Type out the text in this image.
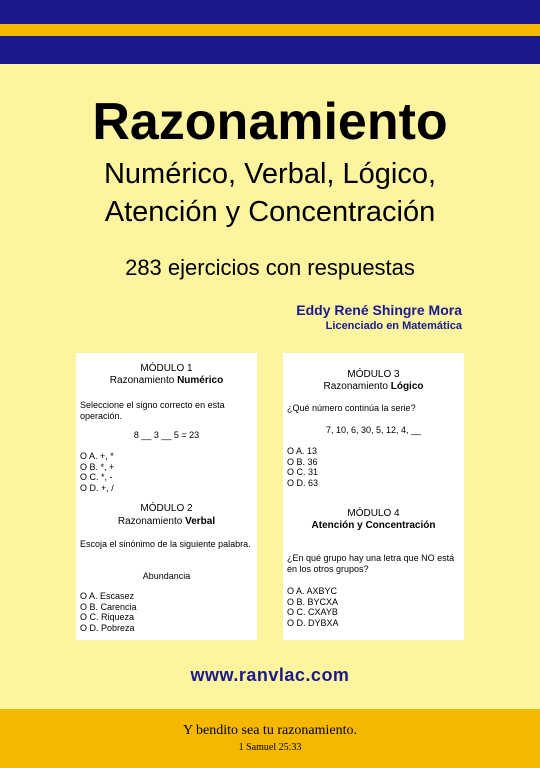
Razonamiento
Numérico, Verbal, Lógico,
Atención y Concentración
283 ejercicios con respuestas
Eddy René Shingre Mora
Licenciado en Matemática
MÓDULO 1
Razonamiento Numérico
Seleccione el signo correcto en esta operación.
8 __ 3 __ 5 = 23
O A. +, *
O B. *, +
O C. *, -
O D. +, /
MÓDULO 2
Razonamiento Verbal
Escoja el sinónimo de la siguiente palabra.
Abundancia
O A. Escasez
O B. Carencia
O C. Riqueza
O D. Pobreza
MÓDULO 3
Razonamiento Lógico
¿Qué número continúa la serie?
7, 10, 6, 30, 5, 12, 4, __
O A. 13
O B. 36
O C. 31
O D. 63
MÓDULO 4
Atención y Concentración
¿En qué grupo hay una letra que NO está en los otros grupos?
O A. AXBYC
O B. BYCXA
O C. CXAYB
O D. DYBXA
www.ranvlac.com
Y bendito sea tu razonamiento.
1 Samuel 25:33
